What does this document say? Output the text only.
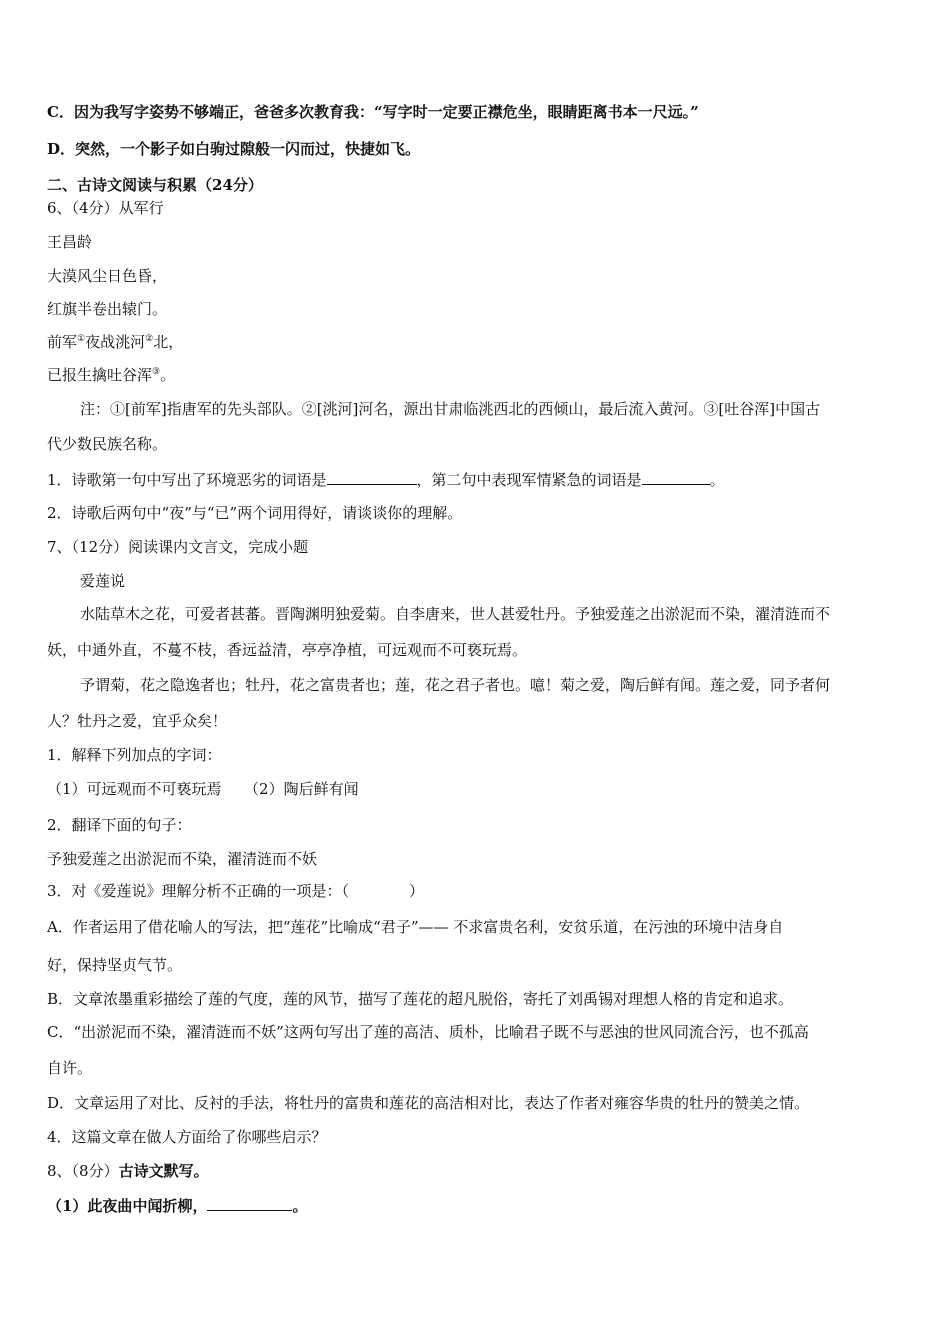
C．因为我写字姿势不够端正，爸爸多次教育我：“写字时一定要正襟危坐，眼睛距离书本一尺远。”
D．突然，一个影子如白驹过隙般一闪而过，快捷如飞。
二、古诗文阅读与积累（24分）
6、（4分）从军行
王昌龄
大漠风尘日色昏，
红旗半卷出辕门。
前军①夜战洮河②北，
已报生擒吐谷浑③。
注：①[前军]指唐军的先头部队。②[洮河]河名，源出甘肃临洮西北的西倾山，最后流入黄河。③[吐谷浑]中国古
代少数民族名称。
1．诗歌第一句中写出了环境恶劣的词语是	，第二句中表现军情紧急的词语是	。
2．诗歌后两句中“夜”与“已”两个词用得好，请谈谈你的理解。
7、（12分）阅读课内文言文，完成小题
爱莲说
水陆草木之花，可爱者甚蕃。晋陶渊明独爱菊。自李唐来，世人甚爱牡丹。予独爱莲之出淤泥而不染，濯清涟而不
妖，中通外直，不蔓不枝，香远益清，亭亭净植，可远观而不可亵玩焉。
予谓菊，花之隐逸者也；牡丹，花之富贵者也；莲，花之君子者也。噫！菊之爱，陶后鲜有闻。莲之爱，同予者何
人？牡丹之爱，宜乎众矣！
1．解释下列加点的字词：
（1）可远观而不可亵玩焉　　（2）陶后鲜有闻
2．翻译下面的句子：
予独爱莲之出淤泥而不染，濯清涟而不妖
3．对《爱莲说》理解分析不正确的一项是：（　　　　）
A．作者运用了借花喻人的写法，把“莲花”比喻成“君子”—— 不求富贵名利，安贫乐道，在污浊的环境中洁身自
好，保持坚贞气节。
B．文章浓墨重彩描绘了莲的气度，莲的风节，描写了莲花的超凡脱俗，寄托了刘禹锡对理想人格的肯定和追求。
C．“出淤泥而不染，濯清涟而不妖”这两句写出了莲的高洁、质朴，比喻君子既不与恶浊的世风同流合污，也不孤高
自许。
D．文章运用了对比、反衬的手法，将牡丹的富贵和莲花的高洁相对比，表达了作者对雍容华贵的牡丹的赞美之情。
4．这篇文章在做人方面给了你哪些启示？
8、（8分）古诗文默写。
（1）此夜曲中闻折柳，	。
